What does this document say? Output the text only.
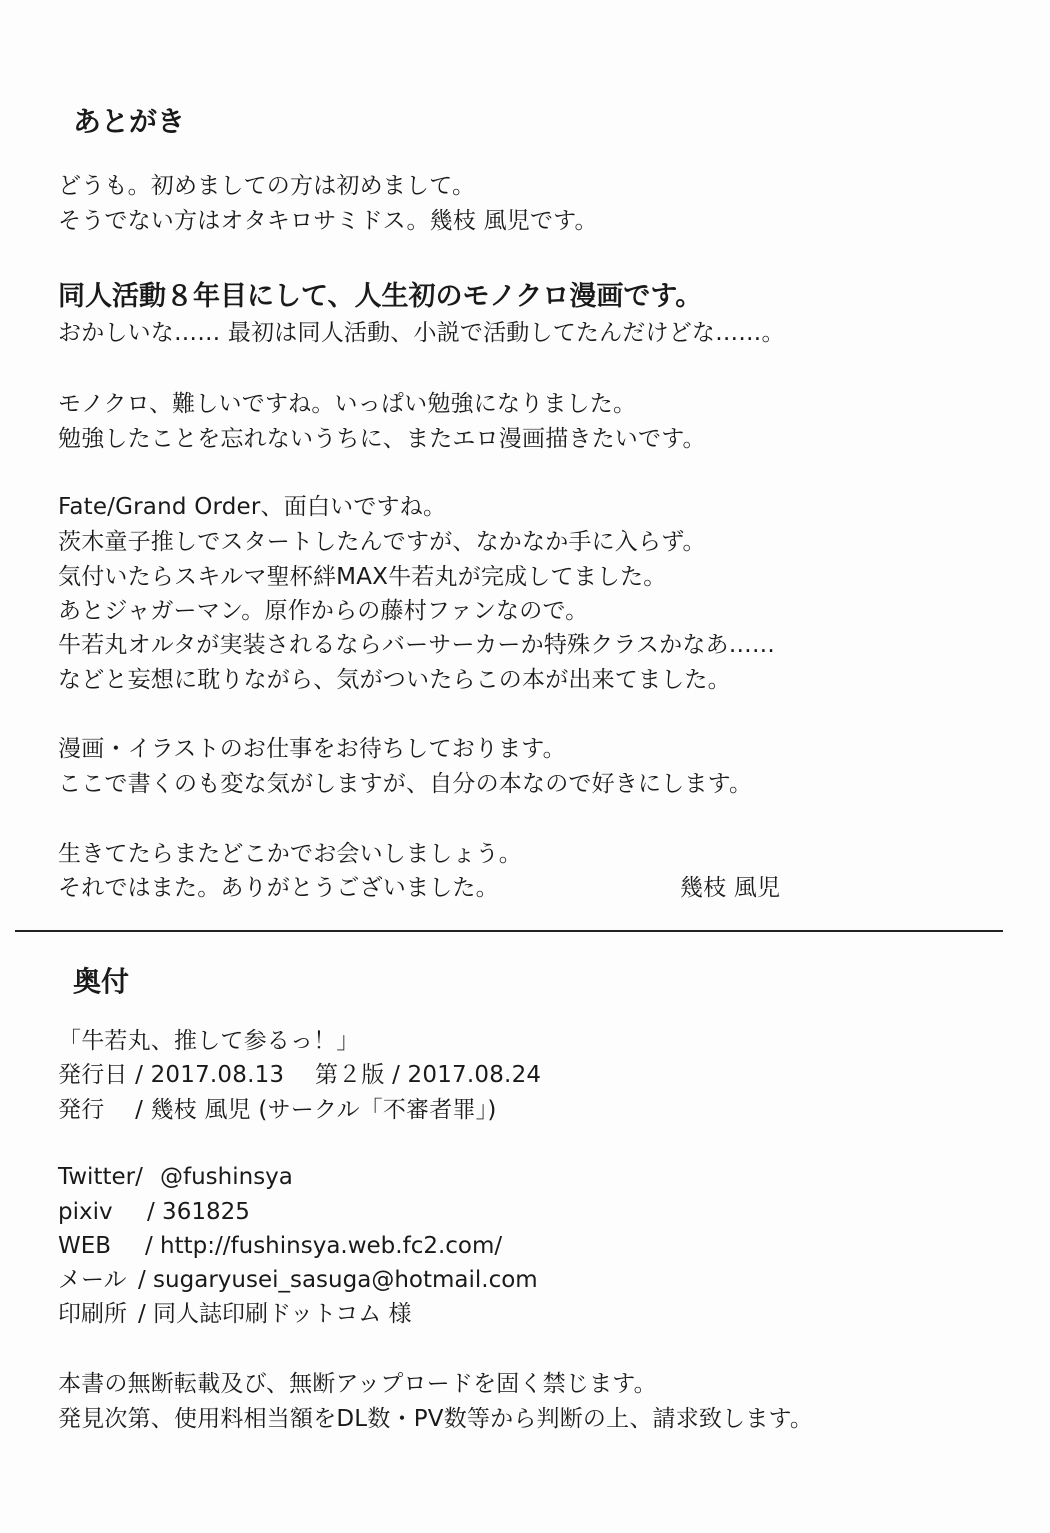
あとがき
どうも。初めましての方は初めまして。
そうでない方はオタキロサミドス。幾枝 風児です。
同人活動８年目にして、人生初のモノクロ漫画です。
おかしいな…… 最初は同人活動、小説で活動してたんだけどな……。
モノクロ、難しいですね。いっぱい勉強になりました。
勉強したことを忘れないうちに、またエロ漫画描きたいです。
Fate/Grand Order、面白いですね。
茨木童子推しでスタートしたんですが、なかなか手に入らず。
気付いたらスキルマ聖杯絆MAX牛若丸が完成してました。
あとジャガーマン。原作からの藤村ファンなので。
牛若丸オルタが実装されるならバーサーカーか特殊クラスかなあ……
などと妄想に耽りながら、気がついたらこの本が出来てました。
漫画・イラストのお仕事をお待ちしております。
ここで書くのも変な気がしますが、自分の本なので好きにします。
生きてたらまたどこかでお会いしましょう。
それではまた。ありがとうございました。	幾枝 風児
奥付
「牛若丸、推して参るっ！」
発行日 / 2017.08.13　 第２版 / 2017.08.24
発行　 / 幾枝 風児 (サークル「不審者罪」)
Twitter/ @fushinsya
pixiv / 361825
WEB / http://fushinsya.web.fc2.com/
メール / sugaryusei_sasuga@hotmail.com
印刷所 / 同人誌印刷ドットコム 様
本書の無断転載及び、無断アップロードを固く禁じます。
発見次第、使用料相当額をDL数・PV数等から判断の上、請求致します。
